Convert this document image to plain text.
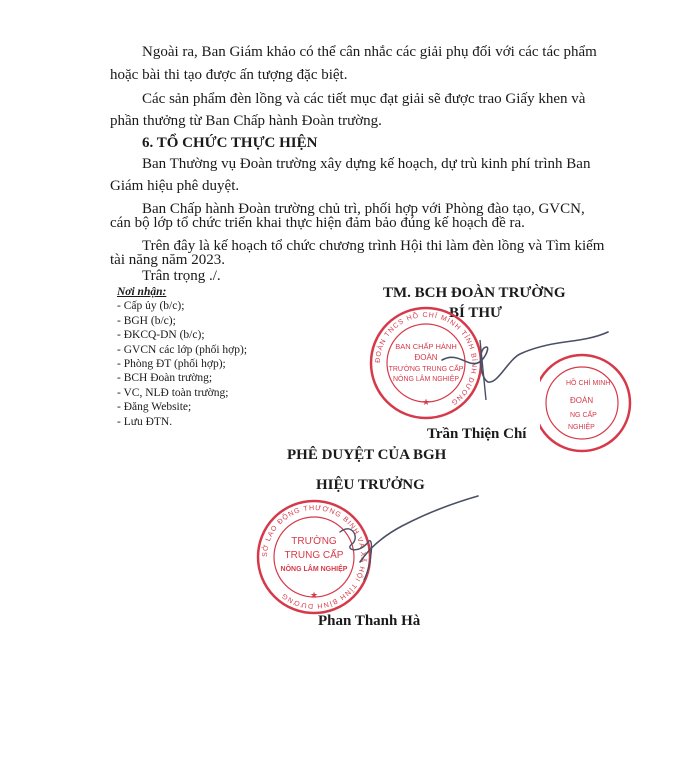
Ngoài ra, Ban Giám khảo có thể cân nhắc các giải phụ đối với các tác phẩm

hoặc bài thi tạo được ấn tượng đặc biệt.

Các sản phẩm đèn lồng và các tiết mục đạt giải sẽ được trao Giấy khen và

phần thưởng từ Ban Chấp hành Đoàn trường.

6. TỔ CHỨC THỰC HIỆN

Ban Thường vụ Đoàn trường xây dựng kế hoạch, dự trù kinh phí trình Ban

Giám hiệu phê duyệt.

Ban Chấp hành Đoàn trường chủ trì, phối hợp với Phòng đào tạo, GVCN,

cán bộ lớp tổ chức triển khai thực hiện đảm bảo đúng kế hoạch đề ra.

Trên đây là kế hoạch tổ chức chương trình Hội thi làm đèn lồng và Tìm kiếm

tài năng năm 2023.

Trân trọng ./.

Nơi nhận:
- Cấp ủy (b/c);
- BGH (b/c);
- ĐKCQ-DN (b/c);
- GVCN các lớp (phối hợp);
- Phòng ĐT (phối hợp);
- BCH Đoàn trường;
- VC, NLĐ toàn trường;
- Đăng Website;
- Lưu ĐTN.

TM. BCH ĐOÀN TRƯỜNG

BÍ THƯ

Trần Thiện Chí

HỒ CHÍ MINH
ĐOÀN
NG CẤP
NGHIỆP
ĐOÀN TNCS HỒ CHÍ MINH TỈNH BÌNH DƯƠNG
BAN CHẤP HÀNH
ĐOÀN
TRƯỜNG TRUNG CẤP
NÔNG LÂM NGHIỆP
★

PHÊ DUYỆT CỦA BGH

HIỆU TRƯỞNG

SỞ LAO ĐỘNG THƯƠNG BINH VÀ XÃ HỘI TỈNH BÌNH DƯƠNG
TRƯỜNG
TRUNG CẤP
NÔNG LÂM NGHIỆP
★

Phan Thanh Hà
